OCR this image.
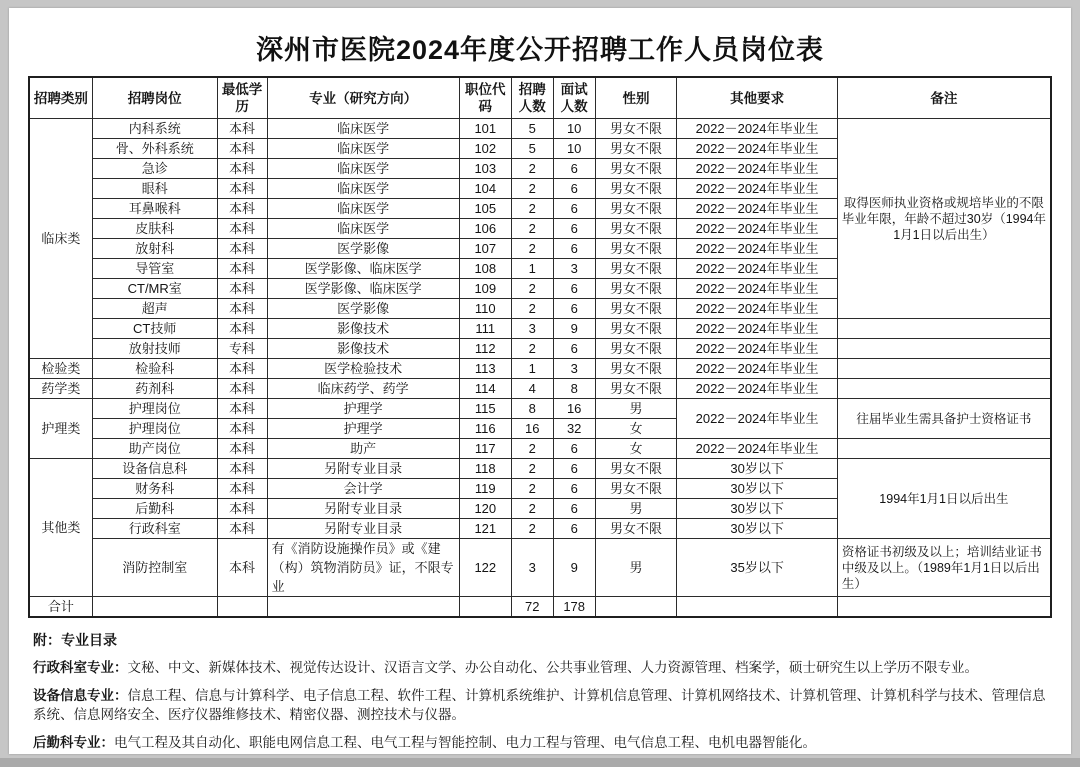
深州市医院2024年度公开招聘工作人员岗位表
招聘类别	招聘岗位	最低学历	专业（研究方向）	职位代码	招聘人数	面试人数	性别	其他要求	备注
临床类	内科系统	本科	临床医学	101	5	10	男女不限	2022－2024年毕业生	取得医师执业资格或规培毕业的不限毕业年限，年龄不超过30岁（1994年1月1日以后出生）
	骨、外科系统	本科	临床医学	102	5	10	男女不限	2022－2024年毕业生	
	急诊	本科	临床医学	103	2	6	男女不限	2022－2024年毕业生	
	眼科	本科	临床医学	104	2	6	男女不限	2022－2024年毕业生	
	耳鼻喉科	本科	临床医学	105	2	6	男女不限	2022－2024年毕业生	
	皮肤科	本科	临床医学	106	2	6	男女不限	2022－2024年毕业生	
	放射科	本科	医学影像	107	2	6	男女不限	2022－2024年毕业生	
	导管室	本科	医学影像、临床医学	108	1	3	男女不限	2022－2024年毕业生	
	CT/MR室	本科	医学影像、临床医学	109	2	6	男女不限	2022－2024年毕业生	
	超声	本科	医学影像	110	2	6	男女不限	2022－2024年毕业生	
	CT技师	本科	影像技术	111	3	9	男女不限	2022－2024年毕业生	
	放射技师	专科	影像技术	112	2	6	男女不限	2022－2024年毕业生	
检验类	检验科	本科	医学检验技术	113	1	3	男女不限	2022－2024年毕业生	
药学类	药剂科	本科	临床药学、药学	114	4	8	男女不限	2022－2024年毕业生	
护理类	护理岗位	本科	护理学	115	8	16	男	2022－2024年毕业生	往届毕业生需具备护士资格证书
	护理岗位	本科	护理学	116	16	32	女		
	助产岗位	本科	助产	117	2	6	女	2022－2024年毕业生	
其他类	设备信息科	本科	另附专业目录	118	2	6	男女不限	30岁以下	1994年1月1日以后出生
	财务科	本科	会计学	119	2	6	男女不限	30岁以下	
	后勤科	本科	另附专业目录	120	2	6	男	30岁以下	
	行政科室	本科	另附专业目录	121	2	6	男女不限	30岁以下	
	消防控制室	本科	有《消防设施操作员》或《建（构）筑物消防员》证，不限专业	122	3	9	男	35岁以下	资格证书初级及以上；培训结业证书中级及以上。（1989年1月1日以后出生）
合计					72	178			
附：专业目录

行政科室专业：文秘、中文、新媒体技术、视觉传达设计、汉语言文学、办公自动化、公共事业管理、人力资源管理、档案学，硕士研究生以上学历不限专业。

设备信息专业：信息工程、信息与计算科学、电子信息工程、软件工程、计算机系统维护、计算机信息管理、计算机网络技术、计算机管理、计算机科学与技术、管理信息系统、信息网络安全、医疗仪器维修技术、精密仪器、测控技术与仪器。

后勤科专业：电气工程及其自动化、职能电网信息工程、电气工程与智能控制、电力工程与管理、电气信息工程、电机电器智能化。
